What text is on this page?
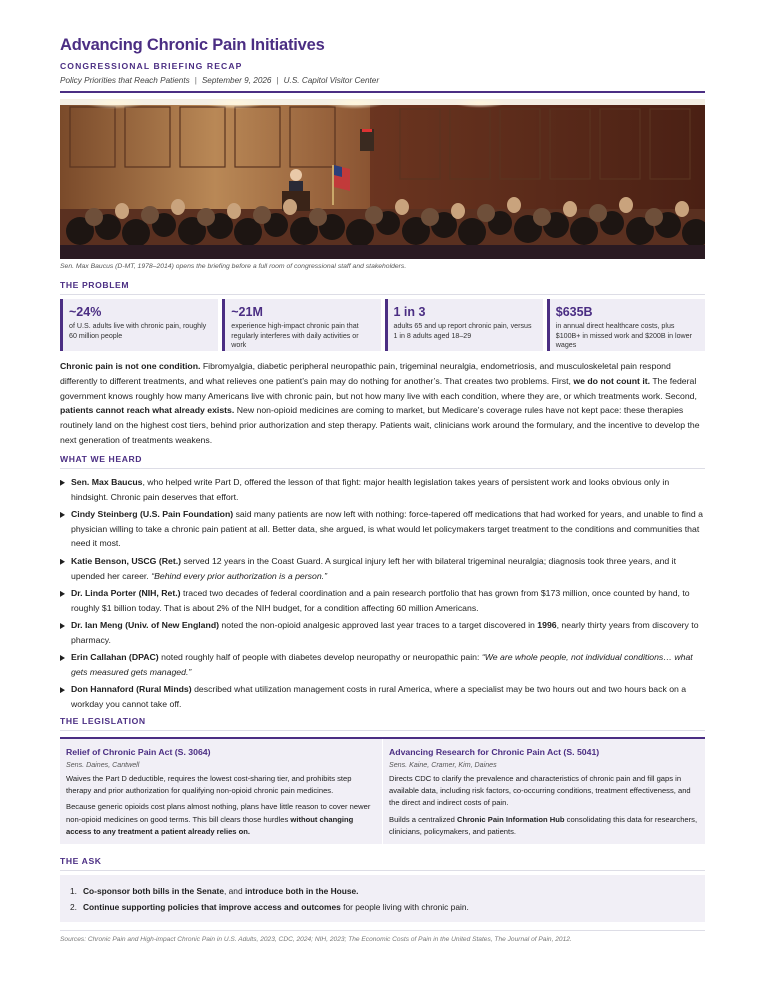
Advancing Chronic Pain Initiatives
CONGRESSIONAL BRIEFING RECAP
Policy Priorities that Reach Patients | September 9, 2026 | U.S. Capitol Visitor Center
Sen. Max Baucus (D-MT, 1978–2014) opens the briefing before a full room of congressional staff and stakeholders.
THE PROBLEM
~24%
of U.S. adults live with chronic pain, roughly 60 million people
~21M
experience high-impact chronic pain that regularly interferes with daily activities or work
1 in 3
adults 65 and up report chronic pain, versus 1 in 8 adults aged 18–29
$635B
in annual direct healthcare costs, plus $100B+ in missed work and $200B in lower wages

Chronic pain is not one condition. Fibromyalgia, diabetic peripheral neuropathic pain, trigeminal neuralgia, endometriosis, and musculoskeletal pain respond differently to different treatments, and what relieves one patient’s pain may do nothing for another’s. That creates two problems. First, we do not count it. The federal government knows roughly how many Americans live with chronic pain, but not how many live with each condition, where they are, or which treatments work. Second, patients cannot reach what already exists. New non-opioid medicines are coming to market, but Medicare’s coverage rules have not kept pace: these therapies routinely land on the highest cost tiers, behind prior authorization and step therapy. Patients wait, clinicians work around the formulary, and the incentive to develop the next generation of treatments weakens.

WHAT WE HEARD
Sen. Max Baucus, who helped write Part D, offered the lesson of that fight: major health legislation takes years of persistent work and looks obvious only in hindsight. Chronic pain deserves that effort.
Cindy Steinberg (U.S. Pain Foundation) said many patients are now left with nothing: force-tapered off medications that had worked for years, and unable to find a physician willing to take a chronic pain patient at all. Better data, she argued, is what would let policymakers target treatment to the conditions and communities that need it most.
Katie Benson, USCG (Ret.) served 12 years in the Coast Guard. A surgical injury left her with bilateral trigeminal neuralgia; diagnosis took three years, and it upended her career. “Behind every prior authorization is a person.”
Dr. Linda Porter (NIH, Ret.) traced two decades of federal coordination and a pain research portfolio that has grown from $173 million, once counted by hand, to roughly $1 billion today. That is about 2% of the NIH budget, for a condition affecting 60 million Americans.
Dr. Ian Meng (Univ. of New England) noted the non-opioid analgesic approved last year traces to a target discovered in 1996, nearly thirty years from discovery to pharmacy.
Erin Callahan (DPAC) noted roughly half of people with diabetes develop neuropathy or neuropathic pain: “We are whole people, not individual conditions… what gets measured gets managed.”
Don Hannaford (Rural Minds) described what utilization management costs in rural America, where a specialist may be two hours out and two hours back on a workday you cannot take off.
THE LEGISLATION
Relief of Chronic Pain Act (S. 3064)
Sens. Daines, Cantwell

Waives the Part D deductible, requires the lowest cost-sharing tier, and prohibits step therapy and prior authorization for qualifying non-opioid chronic pain medicines.

Because generic opioids cost plans almost nothing, plans have little reason to cover newer non-opioid medicines on good terms. This bill clears those hurdles without changing access to any treatment a patient already relies on.

Advancing Research for Chronic Pain Act (S. 5041)
Sens. Kaine, Cramer, Kim, Daines

Directs CDC to clarify the prevalence and characteristics of chronic pain and fill gaps in available data, including risk factors, co-occurring conditions, treatment effectiveness, and the direct and indirect costs of pain.

Builds a centralized Chronic Pain Information Hub consolidating this data for researchers, clinicians, policymakers, and patients.

THE ASK
1. Co-sponsor both bills in the Senate, and introduce both in the House.
2. Continue supporting policies that improve access and outcomes for people living with chronic pain.
Sources: Chronic Pain and High-impact Chronic Pain in U.S. Adults, 2023, CDC, 2024; NIH, 2023; The Economic Costs of Pain in the United States, The Journal of Pain, 2012.
